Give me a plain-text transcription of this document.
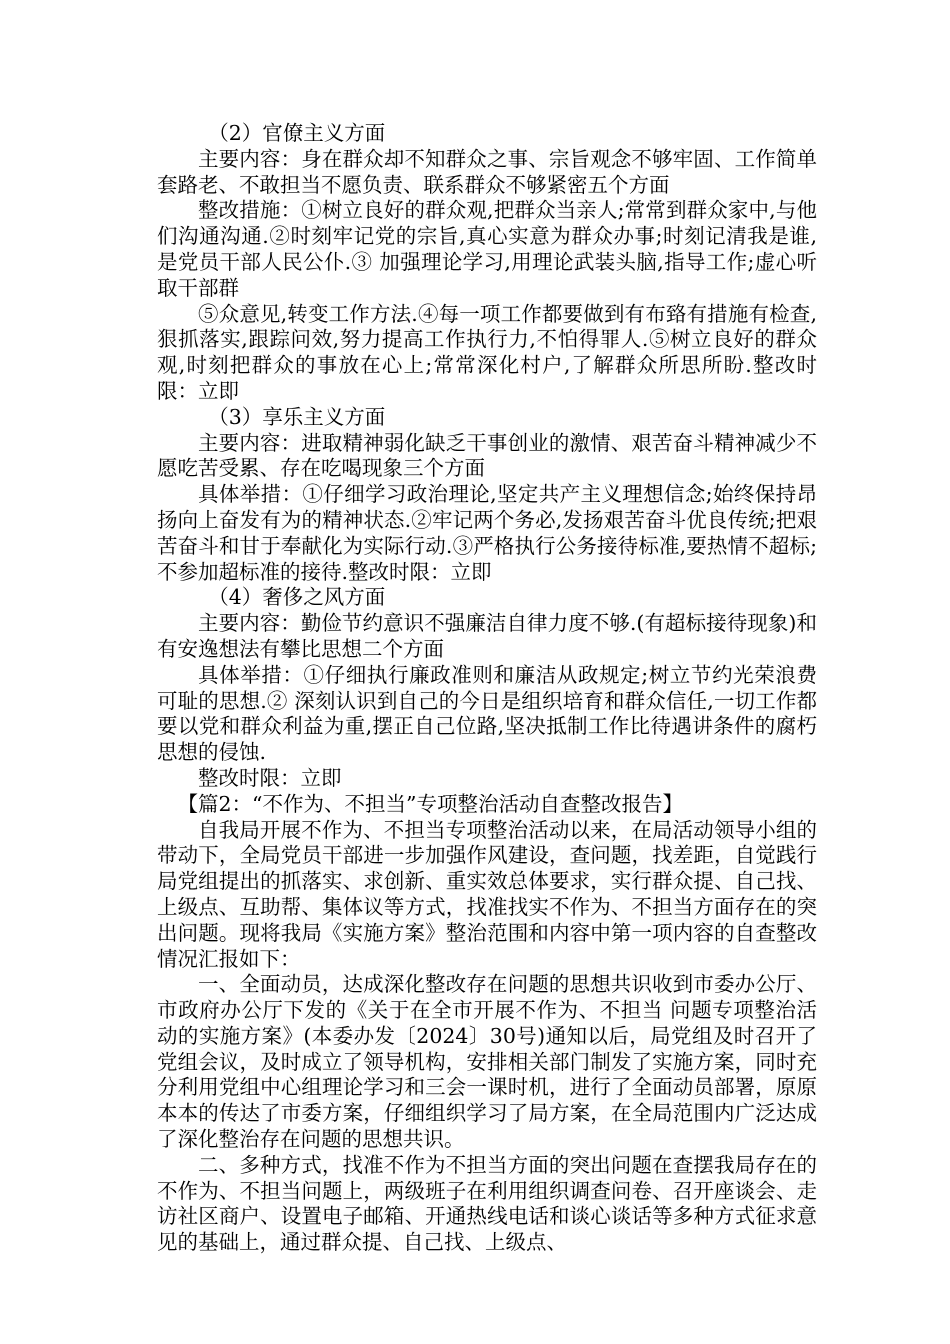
（2）官僚主义方面

主要内容：身在群众却不知群众之事、宗旨观念不够牢固、工作简单套路老、不敢担当不愿负责、联系群众不够紧密五个方面

整改措施：①树立良好的群众观,把群众当亲人;常常到群众家中,与他们沟通沟通.②时刻牢记党的宗旨,真心实意为群众办事;时刻记清我是谁,是党员干部人民公仆.③ 加强理论学习,用理论武装头脑,指导工作;虚心听取干部群

⑤众意见,转变工作方法.④每一项工作都要做到有布臵有措施有检查,狠抓落实,跟踪问效,努力提高工作执行力,不怕得罪人.⑤树立良好的群众观,时刻把群众的事放在心上;常常深化村户,了解群众所思所盼.整改时限：立即

（3）享乐主义方面

主要内容：进取精神弱化缺乏干事创业的激情、艰苦奋斗精神减少不愿吃苦受累、存在吃喝现象三个方面

具体举措：①仔细学习政治理论,坚定共产主义理想信念;始终保持昂扬向上奋发有为的精神状态.②牢记两个务必,发扬艰苦奋斗优良传统;把艰苦奋斗和甘于奉献化为实际行动.③严格执行公务接待标准,要热情不超标;不参加超标准的接待.整改时限：立即

（4）奢侈之风方面

主要内容：勤俭节约意识不强廉洁自律力度不够.(有超标接待现象)和有安逸想法有攀比思想二个方面

具体举措：①仔细执行廉政准则和廉洁从政规定;树立节约光荣浪费可耻的思想.② 深刻认识到自己的今日是组织培育和群众信任,一切工作都要以党和群众利益为重,摆正自己位路,坚决抵制工作比待遇讲条件的腐朽思想的侵蚀.

整改时限：立即

【篇2：“不作为、不担当”专项整治活动自查整改报告】

自我局开展不作为、不担当专项整治活动以来，在局活动领导小组的带动下，全局党员干部进一步加强作风建设，查问题，找差距，自觉践行局党组提出的抓落实、求创新、重实效总体要求，实行群众提、自己找、上级点、互助帮、集体议等方式，找准找实不作为、不担当方面存在的突出问题。现将我局《实施方案》整治范围和内容中第一项内容的自查整改情况汇报如下：

一、全面动员，达成深化整改存在问题的思想共识收到市委办公厅、市政府办公厅下发的《关于在全市开展不作为、不担当 问题专项整治活动的实施方案》(本委办发〔2024〕30号)通知以后，局党组及时召开了党组会议，及时成立了领导机构，安排相关部门制发了实施方案，同时充分利用党组中心组理论学习和三会一课时机，进行了全面动员部署，原原本本的传达了市委方案，仔细组织学习了局方案，在全局范围内广泛达成了深化整治存在问题的思想共识。

二、多种方式，找准不作为不担当方面的突出问题在查摆我局存在的不作为、不担当问题上，两级班子在利用组织调查问卷、召开座谈会、走访社区商户、设置电子邮箱、开通热线电话和谈心谈话等多种方式征求意见的基础上，通过群众提、自己找、上级点、
